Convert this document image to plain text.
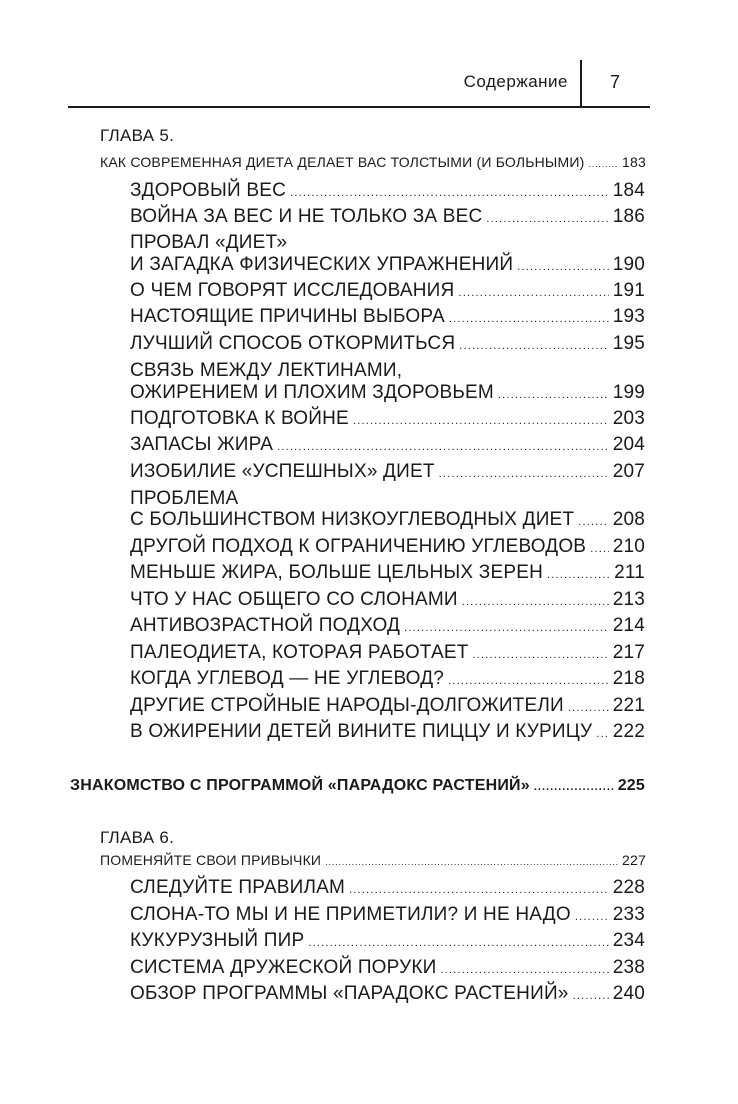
Содержание 7
ГЛАВА 5.
КАК СОВРЕМЕННАЯ ДИЕТА ДЕЛАЕТ ВАС ТОЛСТЫМИ (И БОЛЬНЫМИ) .....	183
ЗДОРОВЫЙ ВЕС .....	184
ВОЙНА ЗА ВЕС И НЕ ТОЛЬКО ЗА ВЕС .....	186
ПРОВАЛ «ДИЕТ»
И ЗАГАДКА ФИЗИЧЕСКИХ УПРАЖНЕНИЙ .....	190
О ЧЕМ ГОВОРЯТ ИССЛЕДОВАНИЯ .....	191
НАСТОЯЩИЕ ПРИЧИНЫ ВЫБОРА .....	193
ЛУЧШИЙ СПОСОБ ОТКОРМИТЬСЯ .....	195
СВЯЗЬ МЕЖДУ ЛЕКТИНАМИ,
ОЖИРЕНИЕМ И ПЛОХИМ ЗДОРОВЬЕМ .....	199
ПОДГОТОВКА К ВОЙНЕ .....	203
ЗАПАСЫ ЖИРА .....	204
ИЗОБИЛИЕ «УСПЕШНЫХ» ДИЕТ .....	207
ПРОБЛЕМА
С БОЛЬШИНСТВОМ НИЗКОУГЛЕВОДНЫХ ДИЕТ ..... 208
ДРУГОЙ ПОДХОД К ОГРАНИЧЕНИЮ УГЛЕВОДОВ ..... 210
МЕНЬШЕ ЖИРА, БОЛЬШЕ ЦЕЛЬНЫХ ЗЕРЕН .....	211
ЧТО У НАС ОБЩЕГО СО СЛОНАМИ .....	213
АНТИВОЗРАСТНОЙ ПОДХОД .....	214
ПАЛЕОДИЕТА, КОТОРАЯ РАБОТАЕТ .....	217
КОГДА УГЛЕВОД — НЕ УГЛЕВОД? .....	218
ДРУГИЕ СТРОЙНЫЕ НАРОДЫ-ДОЛГОЖИТЕЛИ .....	221
В ОЖИРЕНИИ ДЕТЕЙ ВИНИТЕ ПИЦЦУ И КУРИЦУ ..... 222
ЗНАКОМСТВО С ПРОГРАММОЙ «ПАРАДОКС РАСТЕНИЙ» .....	225
ГЛАВА 6.
ПОМЕНЯЙТЕ СВОИ ПРИВЫЧКИ .....	227
СЛЕДУЙТЕ ПРАВИЛАМ .....	228
СЛОНА-ТО МЫ И НЕ ПРИМЕТИЛИ? И НЕ НАДО ..... 233
КУКУРУЗНЫЙ ПИР .....	234
СИСТЕМА ДРУЖЕСКОЙ ПОРУКИ .....	238
ОБЗОР ПРОГРАММЫ «ПАРАДОКС РАСТЕНИЙ» ..... 240
